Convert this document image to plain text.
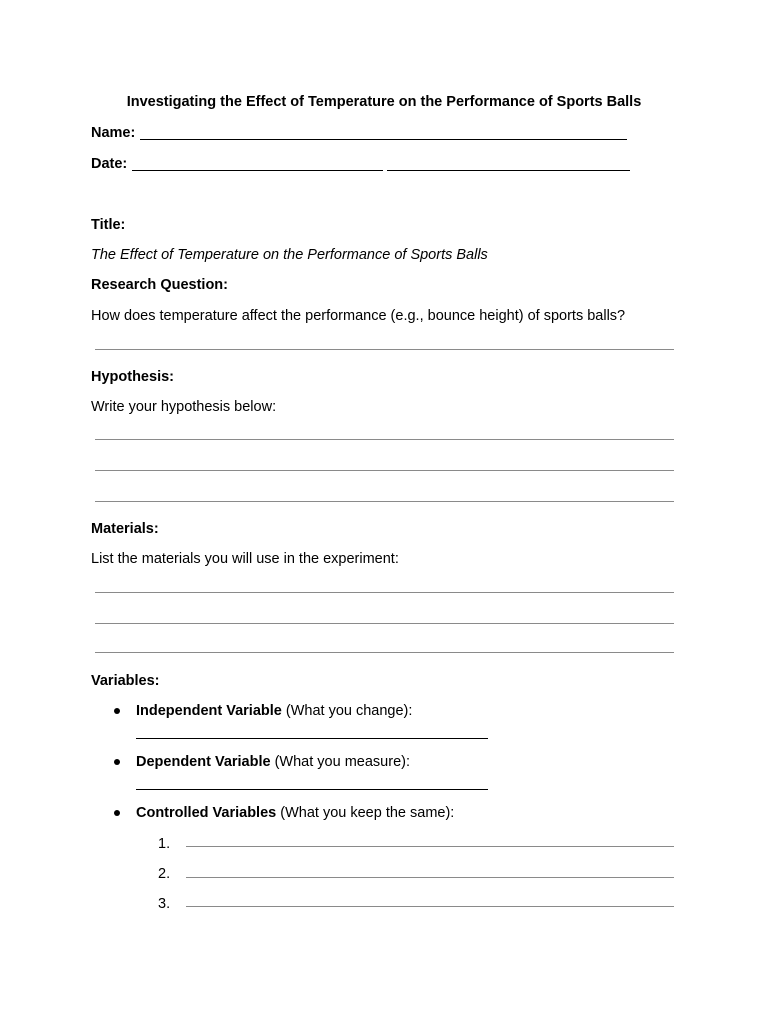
Investigating the Effect of Temperature on the Performance of Sports Balls
Name:
Date:
Title:
The Effect of Temperature on the Performance of Sports Balls
Research Question:
How does temperature affect the performance (e.g., bounce height) of sports balls?
Hypothesis:
Write your hypothesis below:
Materials:
List the materials you will use in the experiment:
Variables:
Independent Variable (What you change):
Dependent Variable (What you measure):
Controlled Variables (What you keep the same):
1.
2.
3.
